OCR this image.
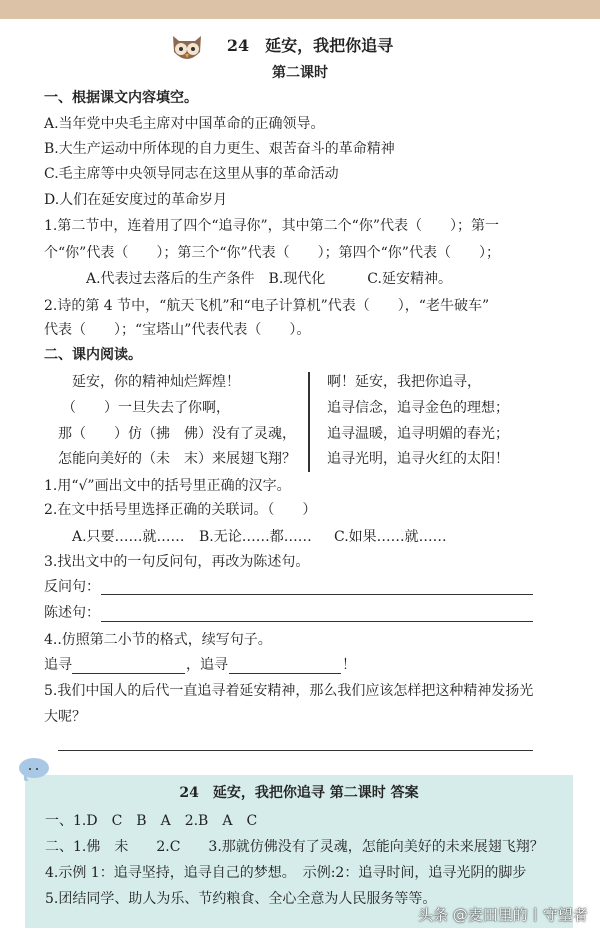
24　延安，我把你追寻
第二课时
一、根据课文内容填空。
A.当年党中央毛主席对中国革命的正确领导。
B.大生产运动中所体现的自力更生、艰苦奋斗的革命精神
C.毛主席等中央领导同志在这里从事的革命活动
D.人们在延安度过的革命岁月
1.第二节中，连着用了四个“追寻你”，其中第二个“你”代表（　　）；第一
个“你”代表（　　）；第三个“你”代表（　　）；第四个“你”代表（　　）；
A.代表过去落后的生产条件　B.现代化　　　C.延安精神。
2.诗的第 4 节中，“航天飞机”和“电子计算机”代表（　　），“老牛破车”
代表（　　）；“宝塔山”代表代表（　　）。
二、课内阅读。
延安，你的精神灿烂辉煌！
（　　）一旦失去了你啊，
那（　　）仿（拂　佛）没有了灵魂，
怎能向美好的（未　末）来展翅飞翔？
啊！延安，我把你追寻，
追寻信念，追寻金色的理想；
追寻温暖，追寻明媚的春光；
追寻光明，追寻火红的太阳！
1.用“√”画出文中的括号里正确的汉字。
2.在文中括号里选择正确的关联词。（　　）
A.只要……就…… B.无论……都…… C.如果……就……
3.找出文中的一句反问句，再改为陈述句。
反问句：
陈述句：
4..仿照第二小节的格式，续写句子。
追寻	，追寻	！
5.我们中国人的后代一直追寻着延安精神，那么我们应该怎样把这种精神发扬光
大呢？
24　延安，我把你追寻 第二课时 答案
一、1.D　C　B　A　2.B　A　C
二、1.佛　未　　2.C　　3.那就仿佛没有了灵魂，怎能向美好的未来展翅飞翔？
4.示例 1：追寻坚持，追寻自己的梦想。　示例:2：追寻时间，追寻光阴的脚步
5.团结同学、助人为乐、节约粮食、全心全意为人民服务等等。
头条 @麦田里的丨守望者
